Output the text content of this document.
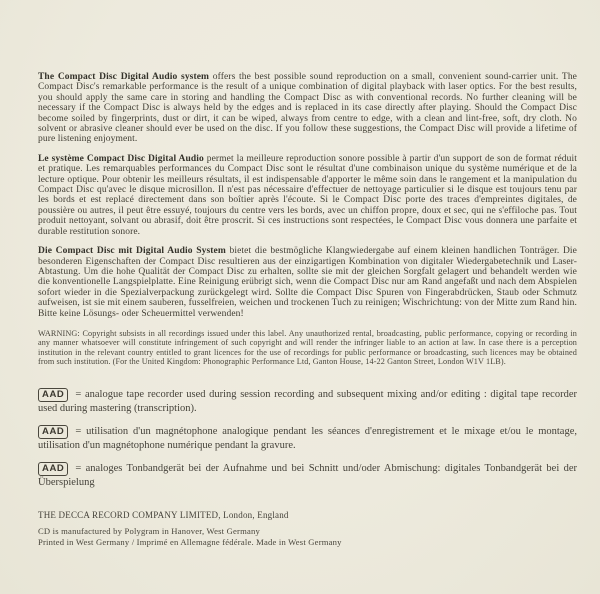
The Compact Disc Digital Audio system offers the best possible sound reproduction on a small, convenient sound-carrier unit. The Compact Disc's remarkable performance is the result of a unique combination of digital playback with laser optics. For the best results, you should apply the same care in storing and handling the Compact Disc as with conventional records. No further cleaning will be necessary if the Compact Disc is always held by the edges and is replaced in its case directly after playing. Should the Compact Disc become soiled by fingerprints, dust or dirt, it can be wiped, always from centre to edge, with a clean and lint-free, soft, dry cloth. No solvent or abrasive cleaner should ever be used on the disc. If you follow these suggestions, the Compact Disc will provide a lifetime of pure listening enjoyment.

Le système Compact Disc Digital Audio permet la meilleure reproduction sonore possible à partir d'un support de son de format réduit et pratique. Les remarquables performances du Compact Disc sont le résultat d'une combinaison unique du système numérique et de la lecture optique. Pour obtenir les meilleurs résultats, il est indispensable d'apporter le même soin dans le rangement et la manipulation du Compact Disc qu'avec le disque microsillon. Il n'est pas nécessaire d'effectuer de nettoyage particulier si le disque est toujours tenu par les bords et est replacé directement dans son boîtier après l'écoute. Si le Compact Disc porte des traces d'empreintes digitales, de poussière ou autres, il peut être essuyé, toujours du centre vers les bords, avec un chiffon propre, doux et sec, qui ne s'effiloche pas. Tout produit nettoyant, solvant ou abrasif, doit être proscrit. Si ces instructions sont respectées, le Compact Disc vous donnera une parfaite et durable restitution sonore.

Die Compact Disc mit Digital Audio System bietet die bestmögliche Klangwiedergabe auf einem kleinen handlichen Tonträger. Die besonderen Eigenschaften der Compact Disc resultieren aus der einzigartigen Kombination von digitaler Wiedergabetechnik und Laser-Abtastung. Um die hohe Qualität der Compact Disc zu erhalten, sollte sie mit der gleichen Sorgfalt gelagert und behandelt werden wie die konventionelle Langspielplatte. Eine Reinigung erübrigt sich, wenn die Compact Disc nur am Rand angefaßt und nach dem Abspielen sofort wieder in die Spezialverpackung zurückgelegt wird. Sollte die Compact Disc Spuren von Fingerabdrücken, Staub oder Schmutz aufweisen, ist sie mit einem sauberen, fusselfreien, weichen und trockenen Tuch zu reinigen; Wischrichtung: von der Mitte zum Rand hin. Bitte keine Lösungs- oder Scheuermittel verwenden!

WARNING: Copyright subsists in all recordings issued under this label. Any unauthorized rental, broadcasting, public performance, copying or recording in any manner whatsoever will constitute infringement of such copyright and will render the infringer liable to an action at law. In case there is a perception institution in the relevant country entitled to grant licences for the use of recordings for public performance or broadcasting, such licences may be obtained from such institution. (For the United Kingdom: Phonographic Performance Ltd, Ganton House, 14-22 Ganton Street, London W1V 1LB).

AAD = analogue tape recorder used during session recording and subsequent mixing and/or editing : digital tape recorder used during mastering (transcription).

AAD = utilisation d'un magnétophone analogique pendant les séances d'enregistrement et le mixage et/ou le montage, utilisation d'un magnétophone numérique pendant la gravure.

AAD = analoges Tonbandgerät bei der Aufnahme und bei Schnitt und/oder Abmischung: digitales Tonbandgerät bei der Überspielung

THE DECCA RECORD COMPANY LIMITED, London, England
CD is manufactured by Polygram in Hanover, West Germany
Printed in West Germany / Imprimé en Allemagne fédérale. Made in West Germany
